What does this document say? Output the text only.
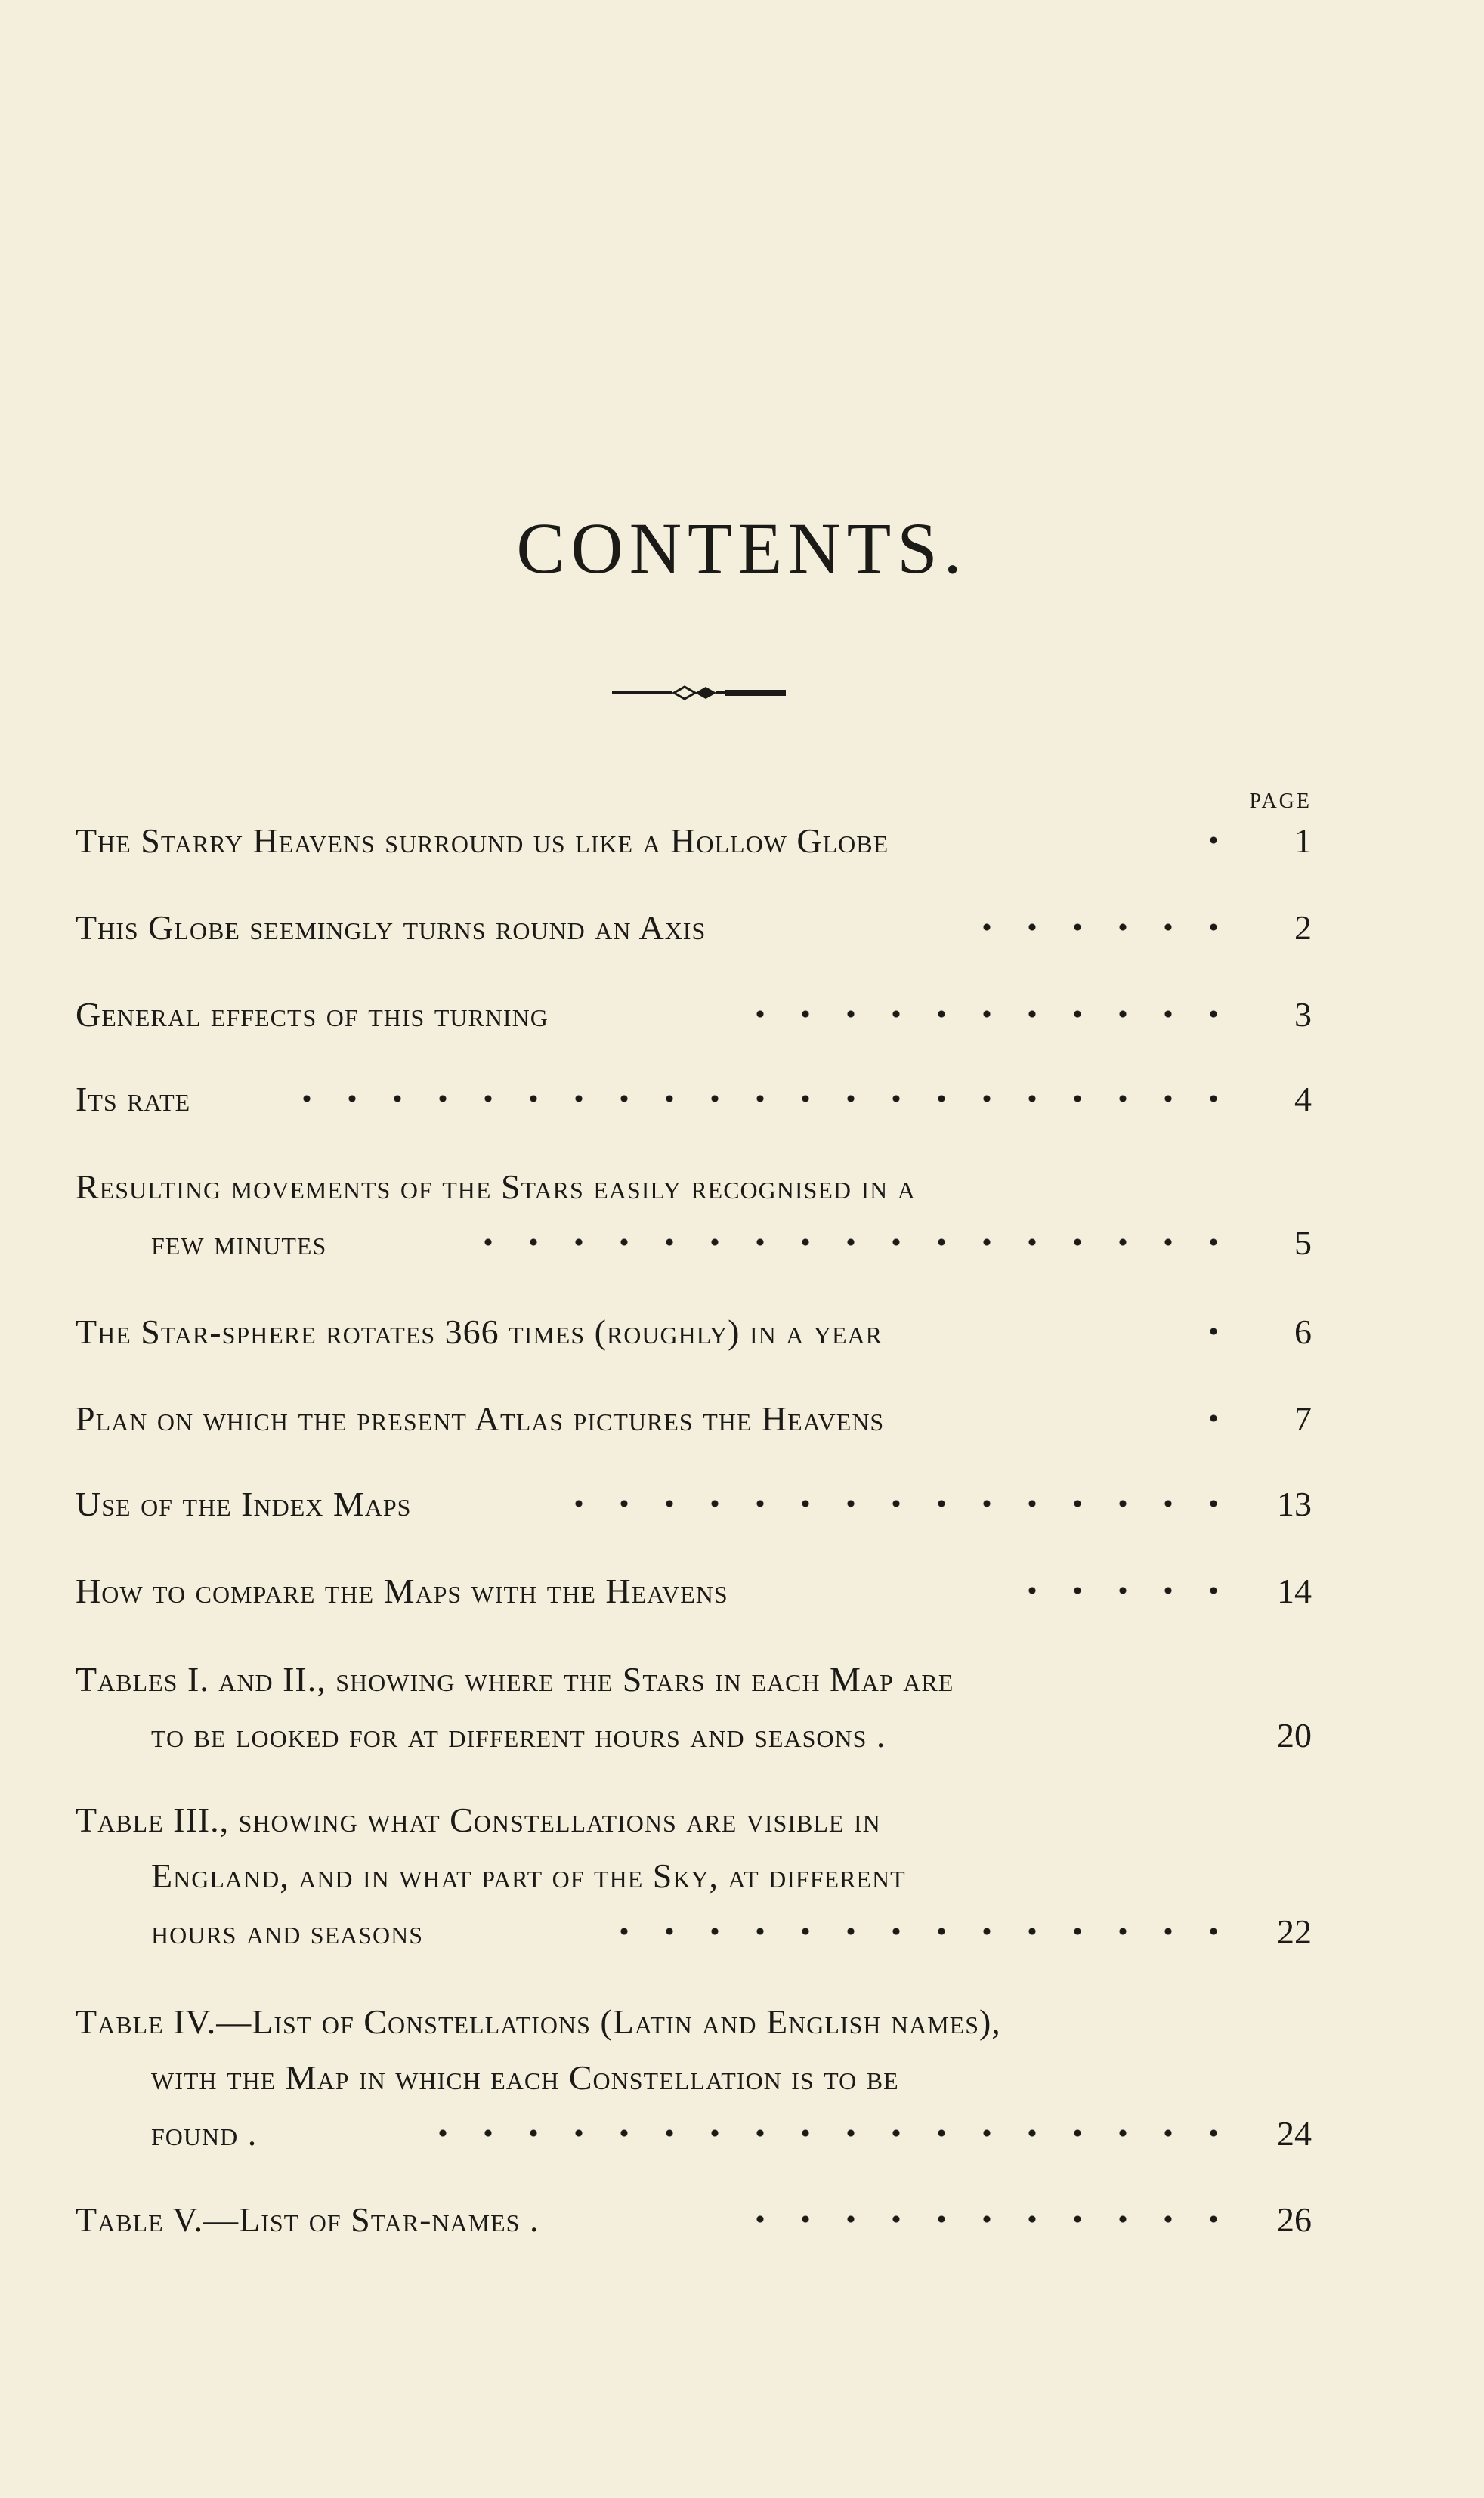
CONTENTS.
PAGE
The Starry Heavens surround us like a Hollow Globe	1
This Globe seemingly turns round an Axis	2
General effects of this turning	3
Its rate	4
Resulting movements of the Stars easily recognised in a
few minutes	5
The Star-sphere rotates 366 times (roughly) in a year	6
Plan on which the present Atlas pictures the Heavens	7
Use of the Index Maps	13
How to compare the Maps with the Heavens	14
Tables I. and II., showing where the Stars in each Map are
to be looked for at different hours and seasons .	20
Table III., showing what Constellations are visible in
England, and in what part of the Sky, at different
hours and seasons	22
Table IV.—List of Constellations (Latin and English names),
with the Map in which each Constellation is to be
found .	24
Table V.—List of Star-names .	26
